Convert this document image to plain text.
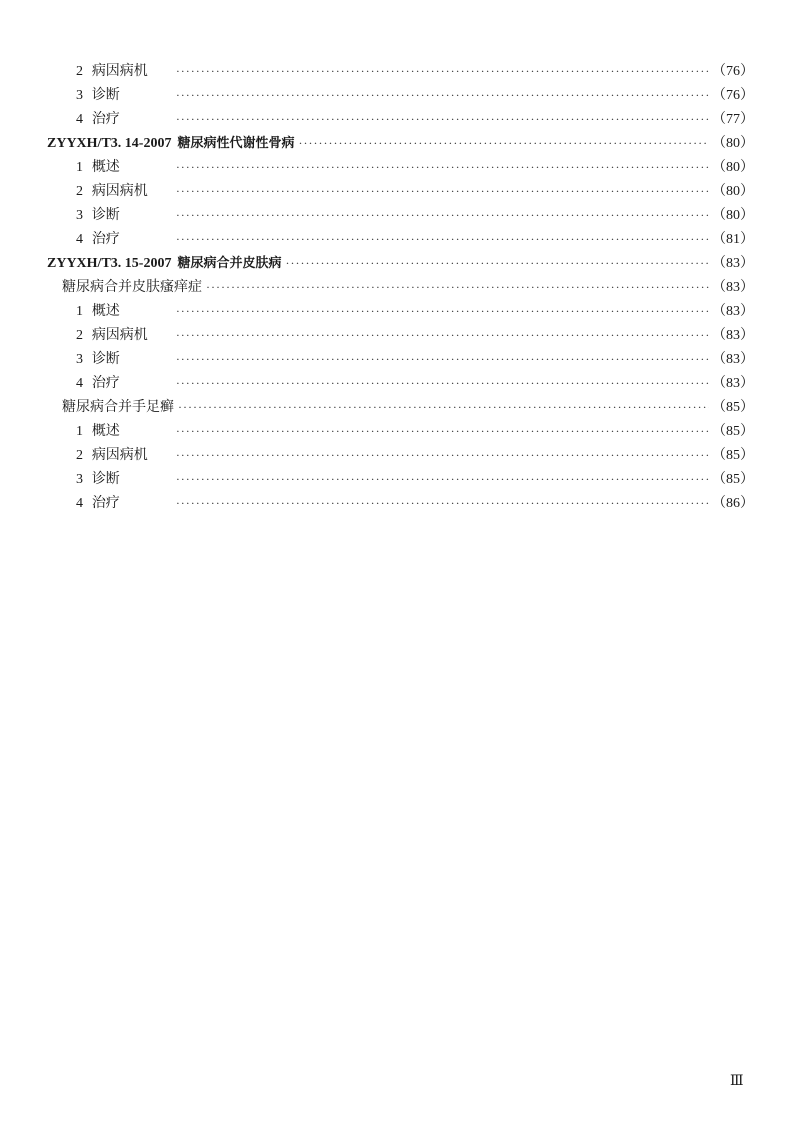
2 病因病机 ·····	（76）
3 诊断 ·····	（76）
4 治疗 ·····	（77）
ZYYXH/T3. 14-2007 糖尿病性代谢性骨病 ·····	（80）
1 概述 ·····	（80）
2 病因病机 ·····	（80）
3 诊断 ·····	（80）
4 治疗 ·····	（81）
ZYYXH/T3. 15-2007 糖尿病合并皮肤病 ·····	（83）
糖尿病合并皮肤瘙痒症 ·····	（83）
1 概述 ·····	（83）
2 病因病机 ·····	（83）
3 诊断 ·····	（83）
4 治疗 ·····	（83）
糖尿病合并手足癣 ·····	（85）
1 概述 ·····	（85）
2 病因病机 ·····	（85）
3 诊断 ·····	（85）
4 治疗 ·····	（86）
Ⅲ
